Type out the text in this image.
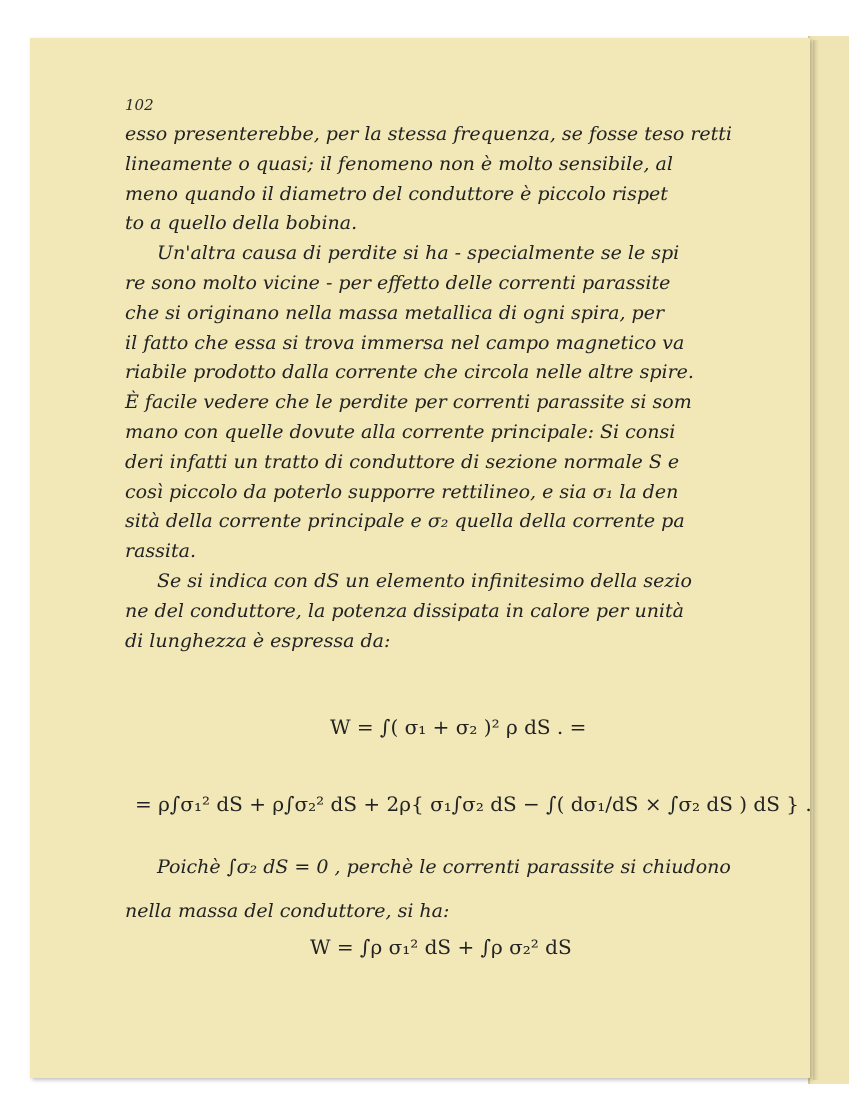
102
esso presenterebbe, per la stessa frequenza, se fosse teso retti
lineamente o quasi; il fenomeno non è molto sensibile, al
meno quando il diametro del conduttore è piccolo rispet
to a quello della bobina.
Un'altra causa di perdite si ha - specialmente se le spi
re sono molto vicine - per effetto delle correnti parassite
che si originano nella massa metallica di ogni spira, per
il fatto che essa si trova immersa nel campo magnetico va
riabile prodotto dalla corrente che circola nelle altre spire.
È facile vedere che le perdite per correnti parassite si som
mano con quelle dovute alla corrente principale: Si consi
deri infatti un tratto di conduttore di sezione normale S e
così piccolo da poterlo supporre rettilineo, e sia σ₁ la den
sità della corrente principale e σ₂ quella della corrente pa
rassita.
Se si indica con dS un elemento infinitesimo della sezio
ne del conduttore, la potenza dissipata in calore per unità
di lunghezza è espressa da:
W = ∫( σ₁ + σ₂ )² ρ dS . =
= ρ∫σ₁² dS + ρ∫σ₂² dS + 2ρ{ σ₁∫σ₂ dS − ∫( dσ₁/dS × ∫σ₂ dS ) dS } .
Poichè ∫σ₂ dS = 0 , perchè le correnti parassite si chiudono
nella massa del conduttore, si ha:
W = ∫ρ σ₁² dS + ∫ρ σ₂² dS
